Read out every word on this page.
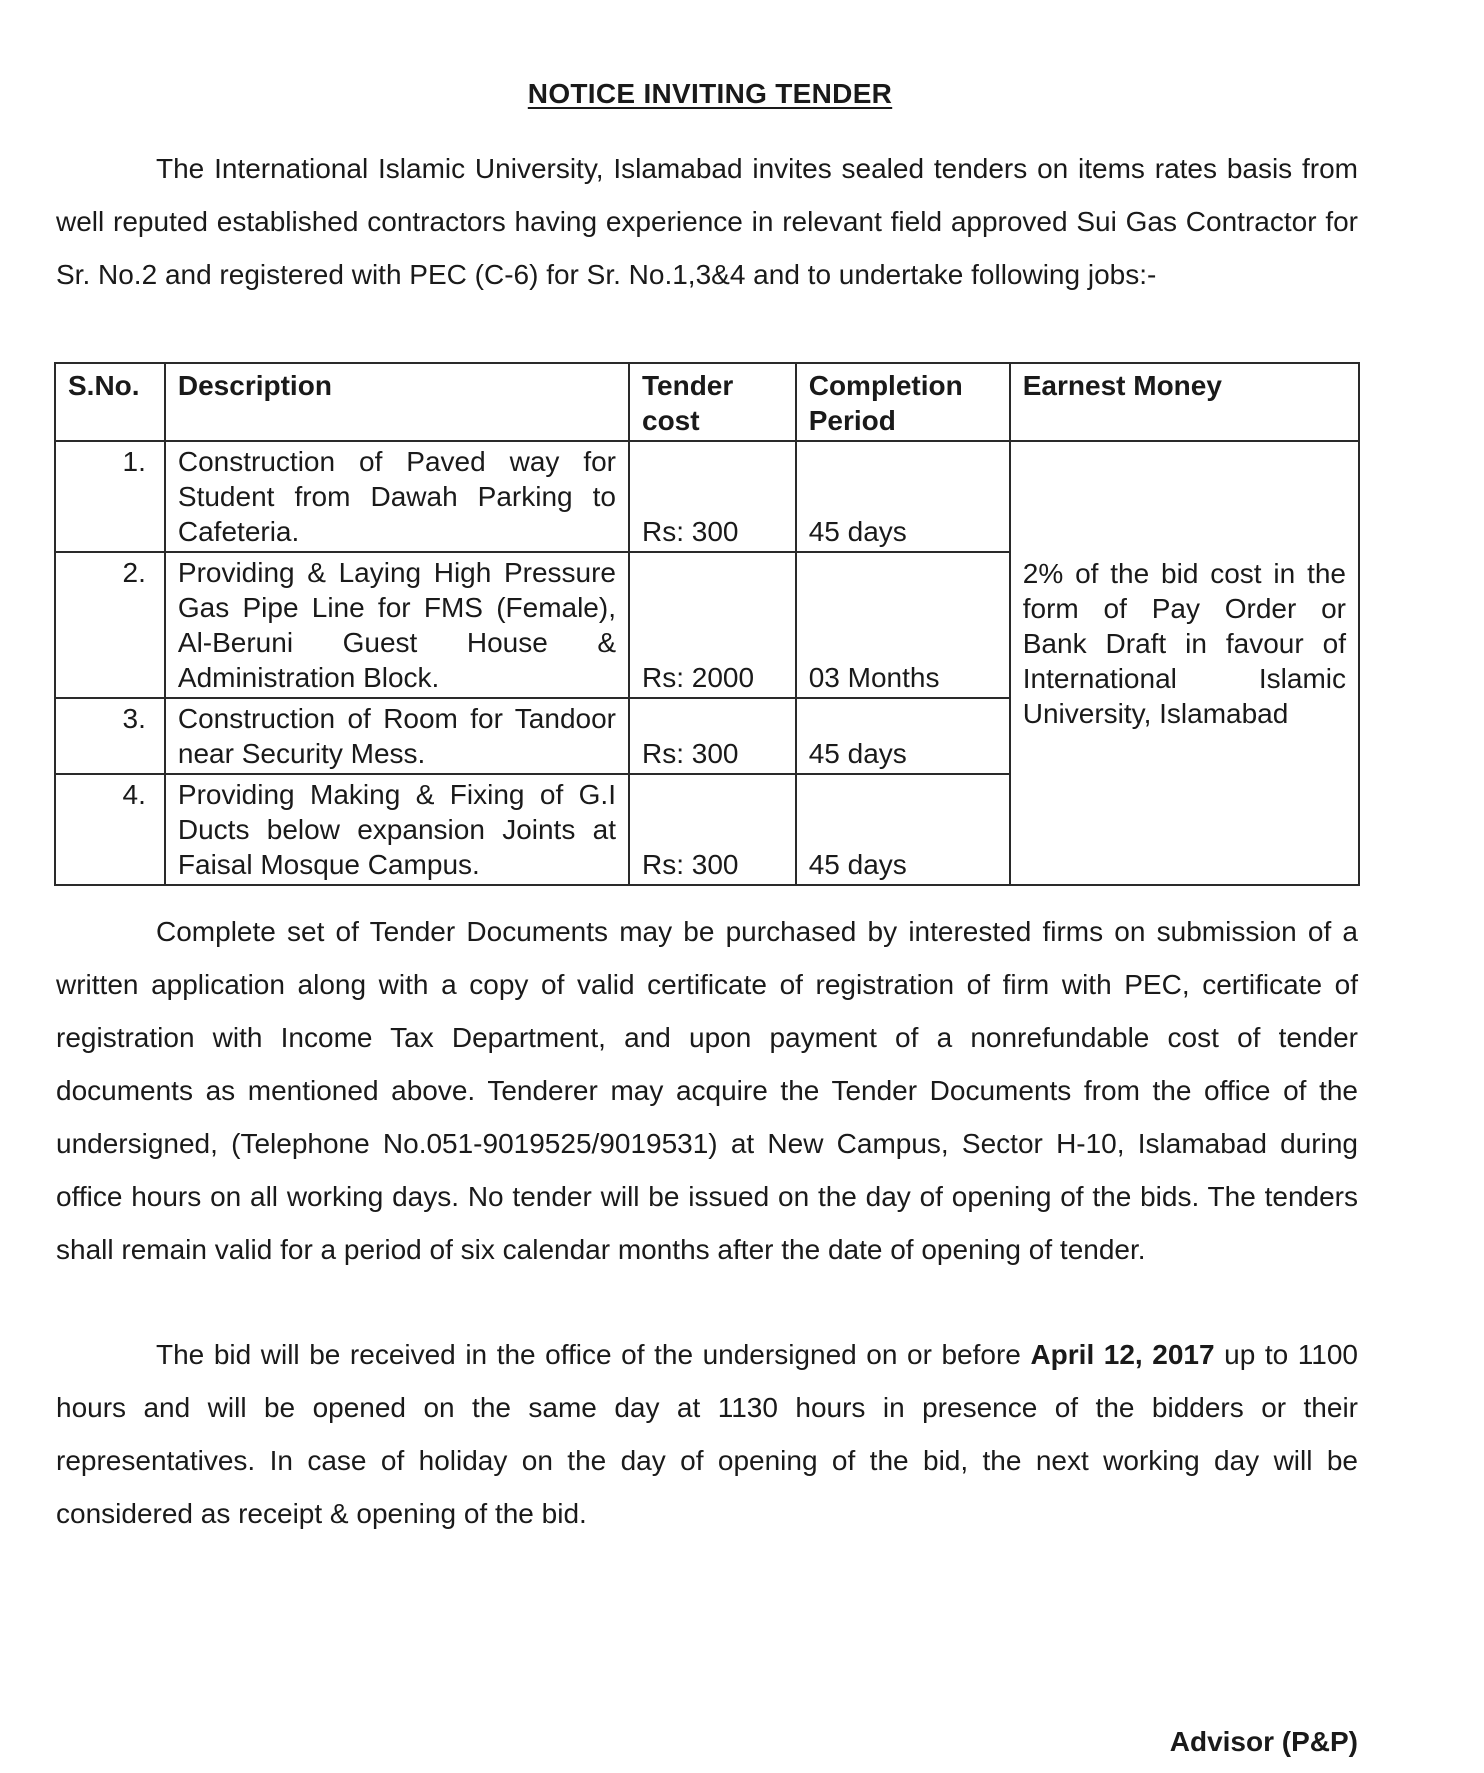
NOTICE INVITING TENDER
The International Islamic University, Islamabad invites sealed tenders on items rates basis from well reputed established contractors having experience in relevant field approved Sui Gas Contractor for Sr. No.2 and registered with PEC (C-6) for Sr. No.1,3&4 and to undertake following jobs:-
S.No.	Description	Tender cost	Completion Period	Earnest Money
1.	Construction of Paved way for Student from Dawah Parking to Cafeteria.	Rs: 300	45 days	2% of the bid cost in the form of Pay Order or Bank Draft in favour of International Islamic University, Islamabad
2.	Providing & Laying High Pressure Gas Pipe Line for FMS (Female), Al-Beruni Guest House & Administration Block.	Rs: 2000	03 Months	
3.	Construction of Room for Tandoor near Security Mess.	Rs: 300	45 days	
4.	Providing Making & Fixing of G.I Ducts below expansion Joints at Faisal Mosque Campus.	Rs: 300	45 days	
Complete set of Tender Documents may be purchased by interested firms on submission of a written application along with a copy of valid certificate of registration of firm with PEC, certificate of registration with Income Tax Department, and upon payment of a nonrefundable cost of tender documents as mentioned above. Tenderer may acquire the Tender Documents from the office of the undersigned, (Telephone No.051-9019525/9019531) at New Campus, Sector H-10, Islamabad during office hours on all working days. No tender will be issued on the day of opening of the bids. The tenders shall remain valid for a period of six calendar months after the date of opening of tender.
The bid will be received in the office of the undersigned on or before April 12, 2017 up to 1100 hours and will be opened on the same day at 1130 hours in presence of the bidders or their representatives. In case of holiday on the day of opening of the bid, the next working day will be considered as receipt & opening of the bid.
Advisor (P&P)
